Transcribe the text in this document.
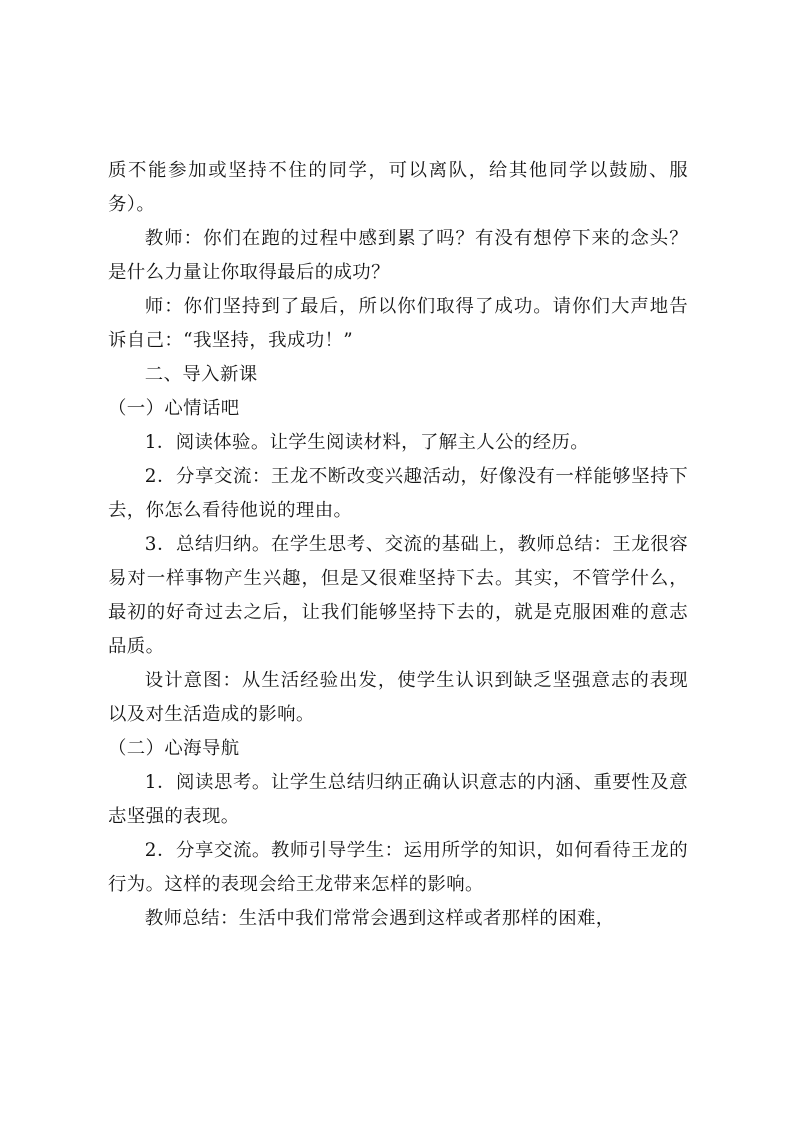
质不能参加或坚持不住的同学，可以离队，给其他同学以鼓励、服务）。

教师：你们在跑的过程中感到累了吗？有没有想停下来的念头？是什么力量让你取得最后的成功？

师：你们坚持到了最后，所以你们取得了成功。请你们大声地告诉自己：“我坚持，我成功！”

二、导入新课

（一）心情话吧

1．阅读体验。让学生阅读材料，了解主人公的经历。

2．分享交流：王龙不断改变兴趣活动，好像没有一样能够坚持下去，你怎么看待他说的理由。

3．总结归纳。在学生思考、交流的基础上，教师总结：王龙很容易对一样事物产生兴趣，但是又很难坚持下去。其实，不管学什么，最初的好奇过去之后，让我们能够坚持下去的，就是克服困难的意志品质。

设计意图：从生活经验出发，使学生认识到缺乏坚强意志的表现以及对生活造成的影响。

（二）心海导航

1．阅读思考。让学生总结归纳正确认识意志的内涵、重要性及意志坚强的表现。

2．分享交流。教师引导学生：运用所学的知识，如何看待王龙的行为。这样的表现会给王龙带来怎样的影响。

教师总结：生活中我们常常会遇到这样或者那样的困难，
